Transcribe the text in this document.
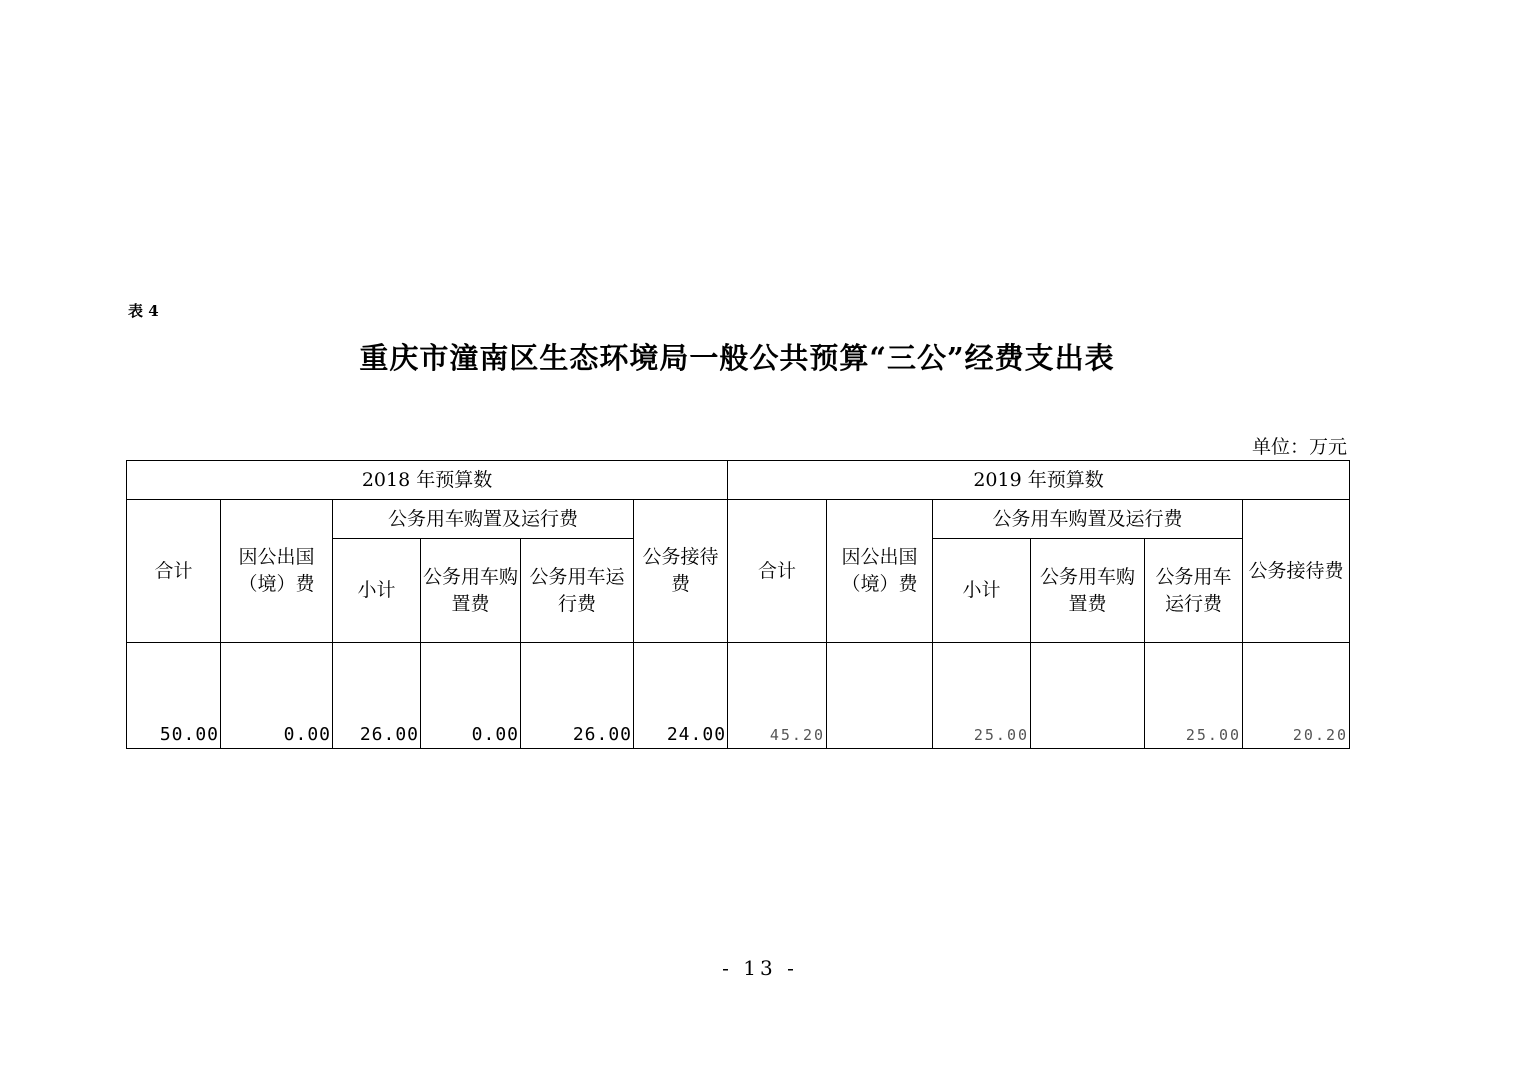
表 4
重庆市潼南区生态环境局一般公共预算“三公”经费支出表
单位：万元
2018 年预算数						2019 年预算数					
合计	因公出国（境）费	公务用车购置及运行费			公务接待费	合计	因公出国（境）费	公务用车购置及运行费			公务接待费
		小计	公务用车购置费	公务用车运行费				小计	公务用车购置费	公务用车运行费	
50.00	0.00	26.00	0.00	26.00	24.00	45.20		25.00		25.00	20.20
- 13 -
